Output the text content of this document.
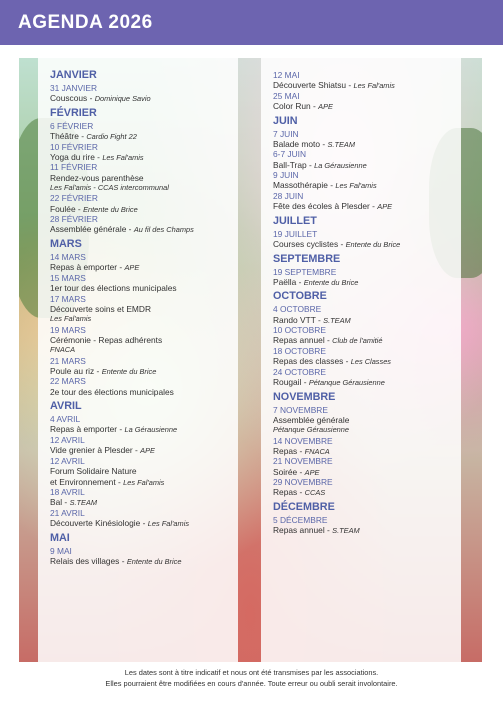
AGENDA 2026
JANVIER
31 JANVIER
Couscous - Dominique Savio
FÉVRIER
6 FÉVRIER
Théâtre - Cardio Fight 22
10 FÉVRIER
Yoga du rire - Les Fal'amis
11 FÉVRIER
Rendez-vous parenthèse
Les Fal'amis - CCAS intercommunal
22 FÉVRIER
Foulée - Entente du Brice
28 FÉVRIER
Assemblée générale - Au fil des Champs
MARS
14 MARS
Repas à emporter - APE
15 MARS
1er tour des élections municipales
17 MARS
Découverte soins et EMDR
Les Fal'amis
19 MARS
Cérémonie - Repas adhérents
FNACA
21 MARS
Poule au riz - Entente du Brice
22 MARS
2e tour des élections municipales
AVRIL
4 AVRIL
Repas à emporter - La Gérausienne
12 AVRIL
Vide grenier à Plesder - APE
12 AVRIL
Forum Solidaire Nature
et Environnement - Les Fal'amis
18 AVRIL
Bal - S.TEAM
21 AVRIL
Découverte Kinésiologie - Les Fal'amis
MAI
9 MAI
Relais des villages - Entente du Brice
12 MAI
Découverte Shiatsu - Les Fal'amis
25 MAI
Color Run - APE
JUIN
7 JUIN
Balade moto - S.TEAM
6-7 JUIN
Ball-Trap - La Gérausienne
9 JUIN
Massothérapie - Les Fal'amis
28 JUIN
Fête des écoles à Plesder - APE
JUILLET
19 JUILLET
Courses cyclistes - Entente du Brice
SEPTEMBRE
19 SEPTEMBRE
Paëlla - Entente du Brice
OCTOBRE
4 OCTOBRE
Rando VTT - S.TEAM
10 OCTOBRE
Repas annuel - Club de l'amitié
18 OCTOBRE
Repas des classes - Les Classes
24 OCTOBRE
Rougail - Pétanque Gérausienne
NOVEMBRE
7 NOVEMBRE
Assemblée générale
Pétanque Gérausienne
14 NOVEMBRE
Repas - FNACA
21 NOVEMBRE
Soirée - APE
29 NOVEMBRE
Repas - CCAS
DÉCEMBRE
5 DÉCEMBRE
Repas annuel - S.TEAM
Les dates sont à titre indicatif et nous ont été transmises par les associations.
Elles pourraient être modifiées en cours d'année. Toute erreur ou oubli serait involontaire.
